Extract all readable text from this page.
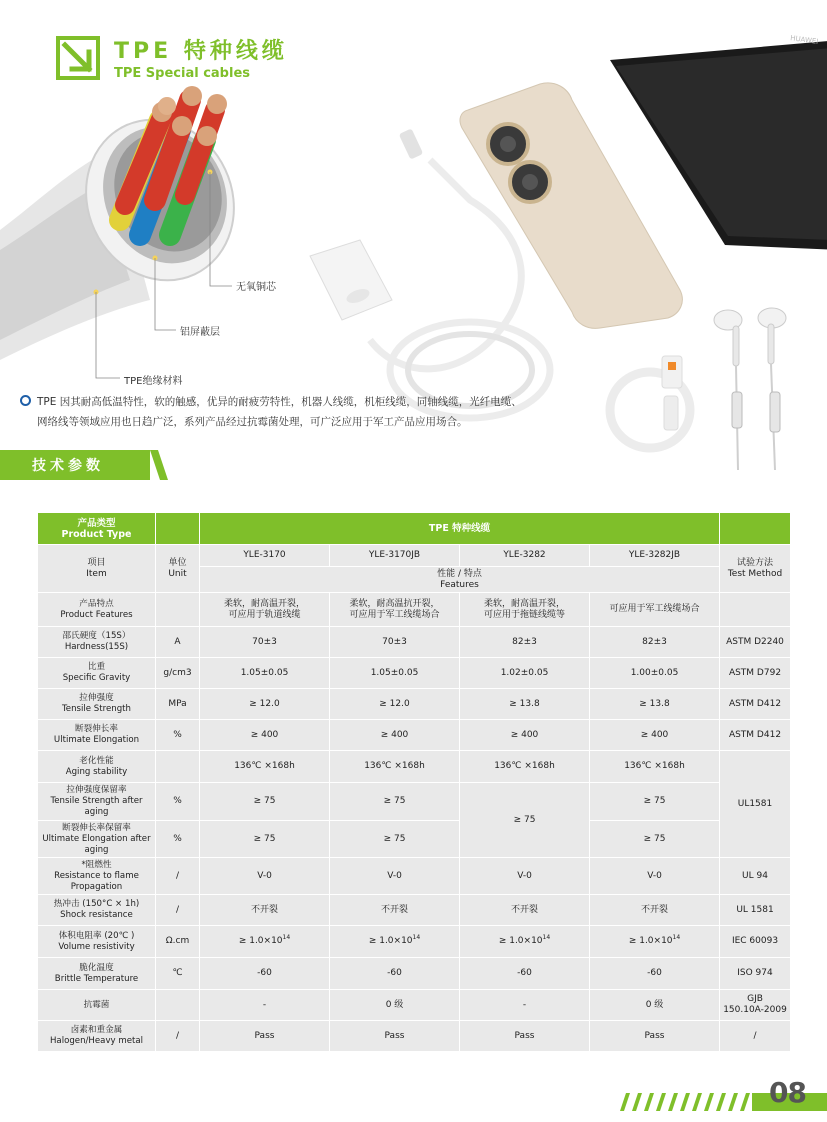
TPE 特种线缆
TPE Special cables
HUAWEI
无氧铜芯
铝屏蔽层
TPE绝缘材料
TPE 因其耐高低温特性，软的触感，优异的耐疲劳特性，机器人线缆，机柜线缆，同轴线缆，光纤电缆、
网络线等领域应用也日趋广泛，系列产品经过抗霉菌处理，可广泛应用于军工产品应用场合。
技术参数
产品类型
Product Type		TPE 特种线缆				

项目
Item	单位
Unit	YLE-3170	YLE-3170JB	YLE-3282	YLE-3282JB	试验方法
Test Method

		性能 / 特点
Features				

产品特点
Product Features		柔软，耐高温开裂，
可应用于轨道线缆	柔软，耐高温抗开裂，
可应用于军工线缆场合	柔软，耐高温开裂，
可应用于拖链线缆等	可应用于军工线缆场合	

邵氏硬度（15S）
Hardness(15S)	A	70±3	70±3	82±3	82±3	ASTM D2240

比重
Specific Gravity	g/cm3	1.05±0.05	1.05±0.05	1.02±0.05	1.00±0.05	ASTM D792

拉伸强度
Tensile Strength	MPa	≥ 12.0	≥ 12.0	≥ 13.8	≥ 13.8	ASTM D412

断裂伸长率
Ultimate Elongation	%	≥ 400	≥ 400	≥ 400	≥ 400	ASTM D412

老化性能
Aging stability		136℃ ×168h	136℃ ×168h	136℃ ×168h	136℃ ×168h	UL1581

拉伸强度保留率
Tensile Strength after
aging	%	≥ 75	≥ 75	≥ 75	≥ 75	

断裂伸长率保留率
Ultimate Elongation after
aging	%	≥ 75	≥ 75		≥ 75	

*阻燃性
Resistance to flame
Propagation	/	V-0	V-0	V-0	V-0	UL 94

热冲击 (150°C × 1h)
Shock resistance	/	不开裂	不开裂	不开裂	不开裂	UL 1581

体积电阻率 (20℃ )
Volume resistivity	Ω.cm	≥ $1.0\times 10^{14}$	≥ $1.0\times 10^{14}$	≥ $1.0\times 10^{14}$	≥ $1.0\times 10^{14}$	IEC 60093

脆化温度
Brittle Temperature	℃	-60	-60	-60	-60	ISO 974
抗霉菌		-	0 级	-	0 级	GJB
150.10A-2009

卤素和重金属
Halogen/Heavy metal	/	Pass	Pass	Pass	Pass	/
08
